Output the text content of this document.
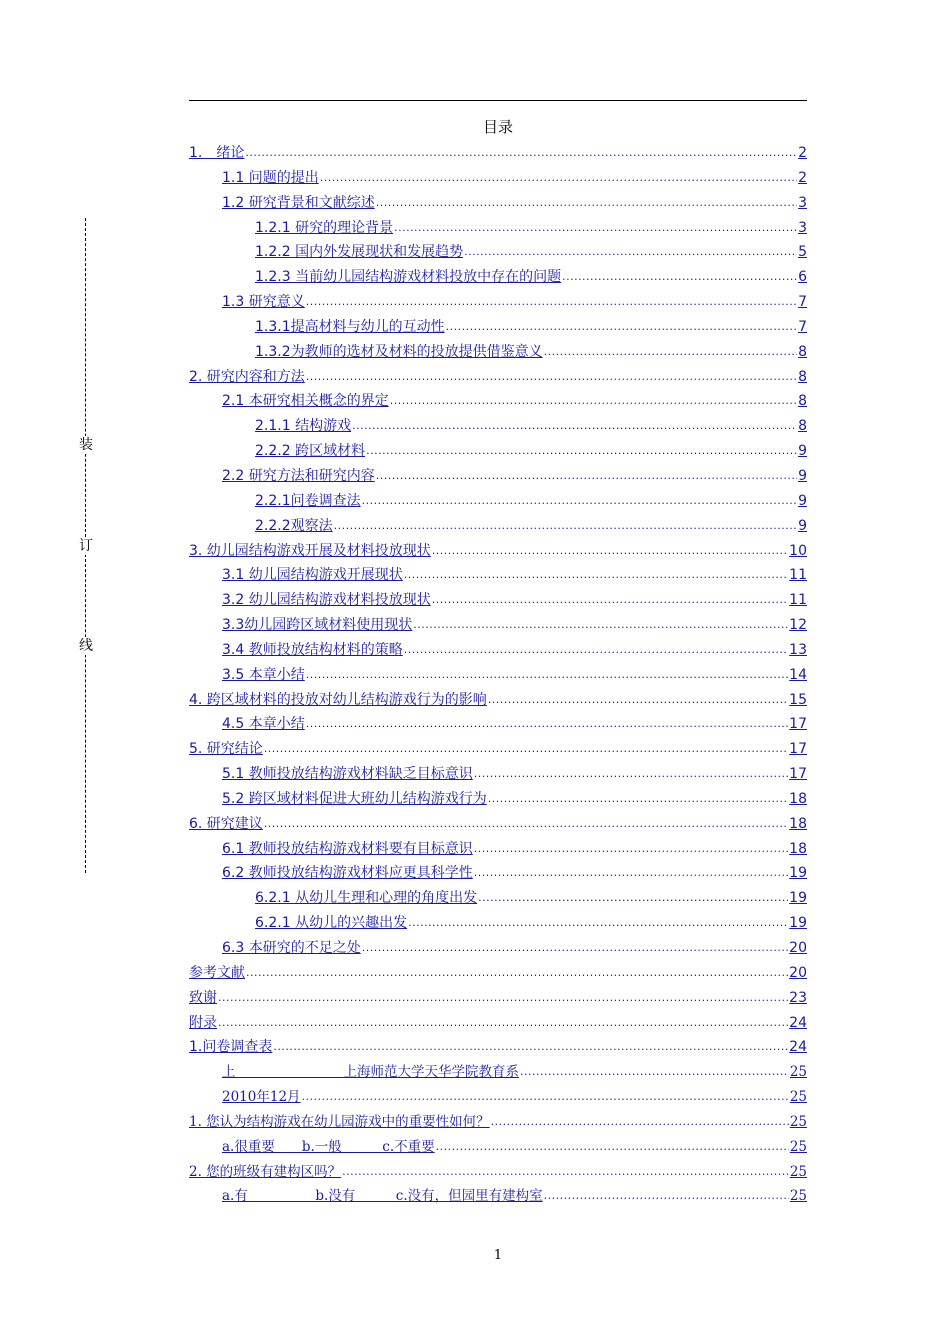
目录
1.　绪论 .....	2
1.1 问题的提出 .....	2
1.2 研究背景和文献综述 .....	3
1.2.1 研究的理论背景 .....	3
1.2.2 国内外发展现状和发展趋势 .....	5
1.2.3 当前幼儿园结构游戏材料投放中存在的问题 .....	6
1.3 研究意义 .....	7
1.3.1提高材料与幼儿的互动性 .....	7
1.3.2为教师的选材及材料的投放提供借鉴意义 .....	8
2. 研究内容和方法 .....	8
2.1 本研究相关概念的界定 .....	8
2.1.1 结构游戏 .....	8
2.2.2 跨区域材料 .....	9
2.2 研究方法和研究内容 .....	9
2.2.1问卷调查法 .....	9
2.2.2观察法 .....	9
3. 幼儿园结构游戏开展及材料投放现状 .....	10
3.1 幼儿园结构游戏开展现状 .....	11
3.2 幼儿园结构游戏材料投放现状 .....	11
3.3幼儿园跨区域材料使用现状 .....	12
3.4 教师投放结构材料的策略 .....	13
3.5 本章小结 .....	14
4. 跨区域材料的投放对幼儿结构游戏行为的影响 .....	15
4.5 本章小结 .....	17
5. 研究结论 .....	17
5.1 教师投放结构游戏材料缺乏目标意识 .....	17
5.2 跨区域材料促进大班幼儿结构游戏行为 .....	18
6. 研究建议 .....	18
6.1 教师投放结构游戏材料要有目标意识 .....	18
6.2 教师投放结构游戏材料应更具科学性 .....	19
6.2.1 从幼儿生理和心理的角度出发 .....	19
6.2.1 从幼儿的兴趣出发 .....	19
6.3 本研究的不足之处 .....	20
参考文献 .....	20
致谢 .....	23
附录 .....	24
1.问卷调查表 .....	24
上　　　　　　　　上海师范大学天华学院教育系 .....	25
2010年12月 .....	25
1. 您认为结构游戏在幼儿园游戏中的重要性如何？ .....	25
a.很重要　　b.一般　　　c.不重要 .....	25
2. 您的班级有建构区吗？ .....	25
a.有　　　　　b.没有　　　c.没有，但园里有建构室 .....	25
装
订
线
1
